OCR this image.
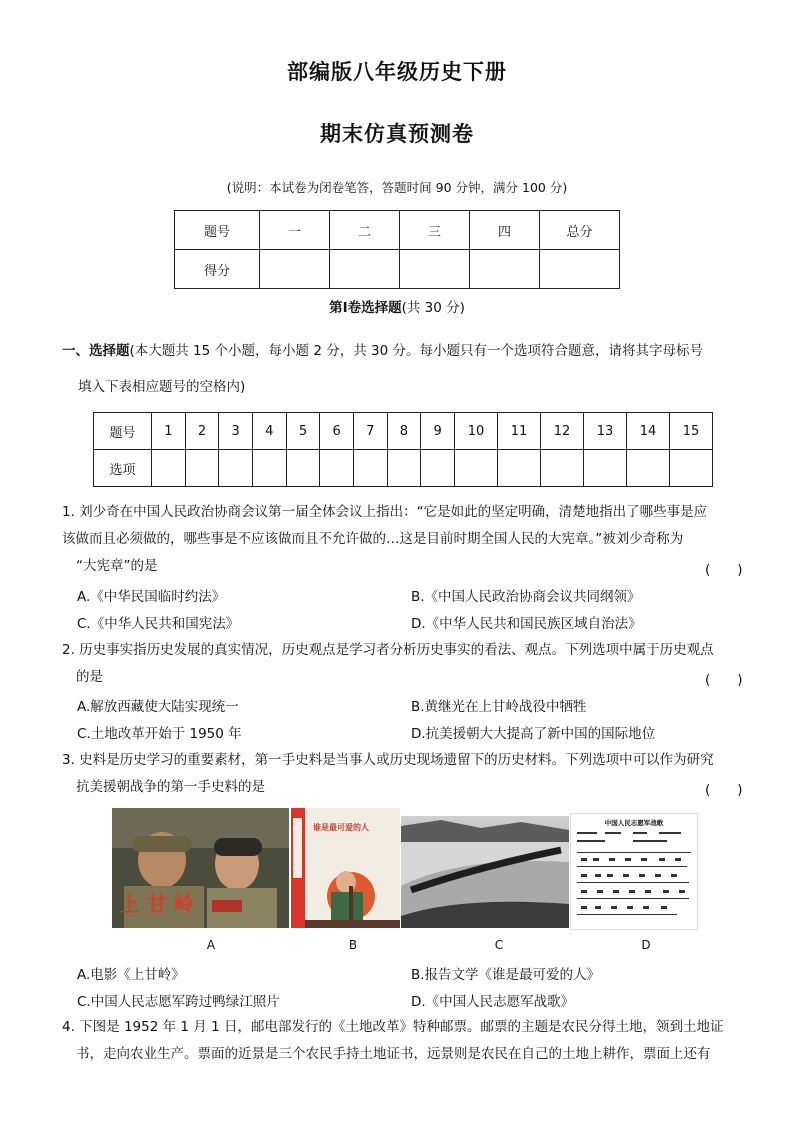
部编版八年级历史下册
期末仿真预测卷
(说明：本试卷为闭卷笔答，答题时间 90 分钟，满分 100 分)
题号	一	二	三	四	总分
得分					
第Ⅰ卷选择题(共 30 分)
一、选择题(本大题共 15 个小题，每小题 2 分，共 30 分。每小题只有一个选项符合题意，请将其字母标号
填入下表相应题号的空格内)
题号	1	2	3	4	5	6	7	8	9	10	11	12	13	14	15
选项															
1. 刘少奇在中国人民政治协商会议第一届全体会议上指出：“它是如此的坚定明确，清楚地指出了哪些事是应
该做而且必须做的，哪些事是不应该做而且不允许做的…这是目前时期全国人民的大宪章。”被刘少奇称为
“大宪章”的是	(　　)
A.《中华民国临时约法》	B.《中国人民政治协商会议共同纲领》
C.《中华人民共和国宪法》	D.《中华人民共和国民族区域自治法》
2. 历史事实指历史发展的真实情况，历史观点是学习者分析历史事实的看法、观点。下列选项中属于历史观点
的是	(　　)
A.解放西藏使大陆实现统一	B.黄继光在上甘岭战役中牺牲
C.土地改革开始于 1950 年	D.抗美援朝大大提高了新中国的国际地位
3. 史料是历史学习的重要素材，第一手史料是当事人或历史现场遗留下的历史材料。下列选项中可以作为研究
抗美援朝战争的第一手史料的是	(　　)
上 甘 岭
谁是最可爱的人	中国人民志愿军战歌
A	B	C	D
A.电影《上甘岭》	B.报告文学《谁是最可爱的人》
C.中国人民志愿军跨过鸭绿江照片	D.《中国人民志愿军战歌》
4. 下图是 1952 年 1 月 1 日，邮电部发行的《土地改革》特种邮票。邮票的主题是农民分得土地，领到土地证
书，走向农业生产。票面的近景是三个农民手持土地证书，远景则是农民在自己的土地上耕作，票面上还有
